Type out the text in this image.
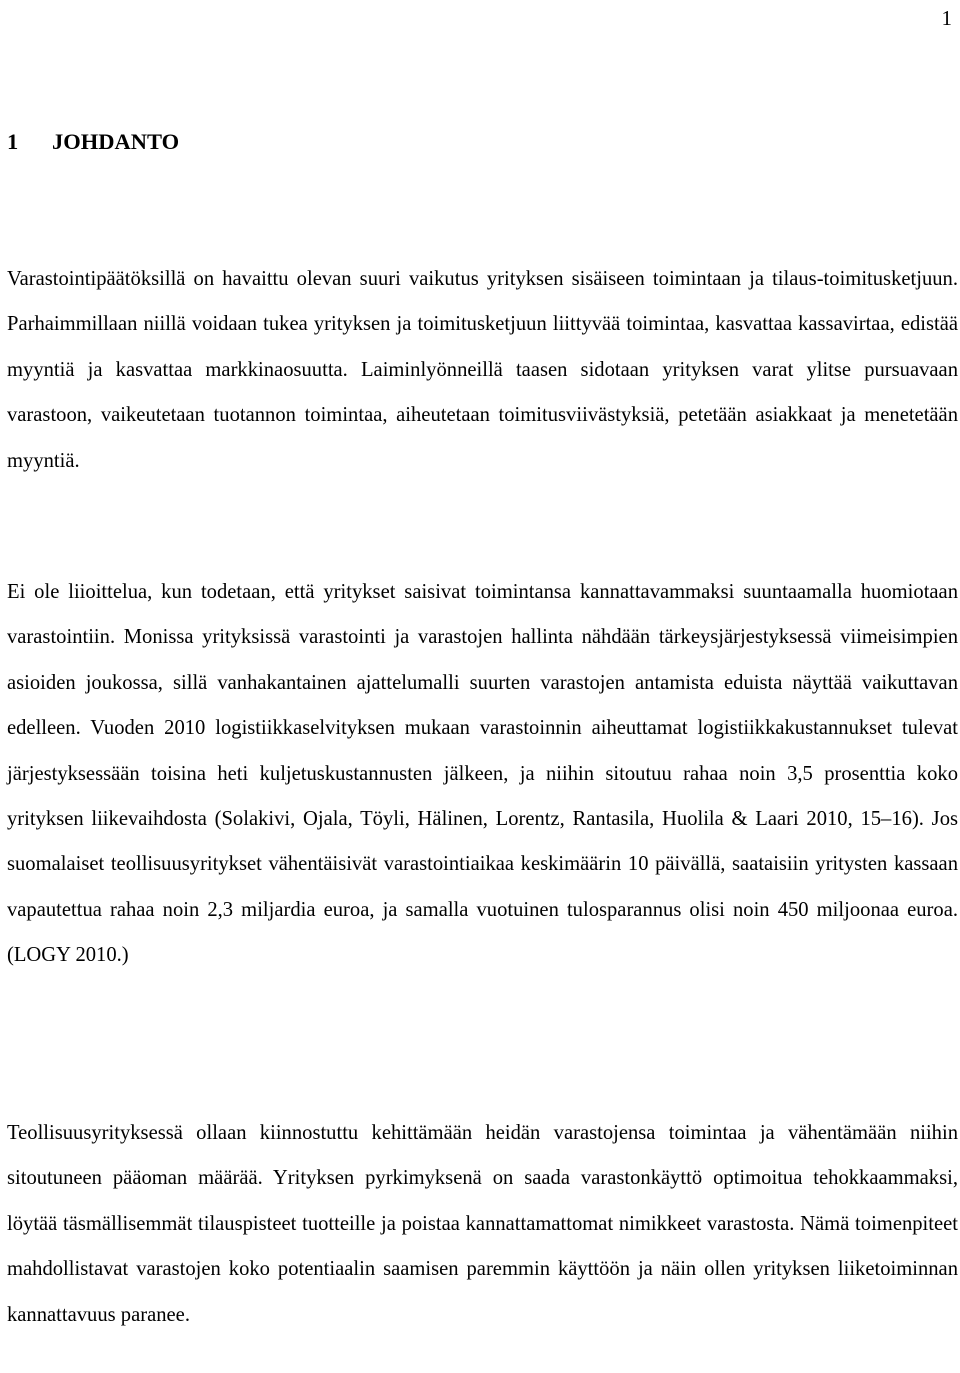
1
1 JOHDANTO

Varastointipäätöksillä on havaittu olevan suuri vaikutus yrityksen sisäiseen toimintaan ja tilaus-toimitusketjuun. Parhaimmillaan niillä voidaan tukea yrityksen ja toimitusketjuun liittyvää toimintaa, kasvattaa kassavirtaa, edistää myyntiä ja kasvattaa markkinaosuutta. Laiminlyönneillä taasen sidotaan yrityksen varat ylitse pursuavaan varastoon, vaikeutetaan tuotannon toimintaa, aiheutetaan toimitusviivästyksiä, petetään asiakkaat ja menetetään myyntiä.

Ei ole liioittelua, kun todetaan, että yritykset saisivat toimintansa kannattavammaksi suuntaamalla huomiotaan varastointiin. Monissa yrityksissä varastointi ja varastojen hallinta nähdään tärkeysjärjestyksessä viimeisimpien asioiden joukossa, sillä vanhakantainen ajattelumalli suurten varastojen antamista eduista näyttää vaikuttavan edelleen. Vuoden 2010 logistiikkaselvityksen mukaan varastoinnin aiheuttamat logistiikkakustannukset tulevat järjestyksessään toisina heti kuljetuskustannusten jälkeen, ja niihin sitoutuu rahaa noin 3,5 prosenttia koko yrityksen liikevaihdosta (Solakivi, Ojala, Töyli, Hälinen, Lorentz, Rantasila, Huolila & Laari 2010, 15–16). Jos suomalaiset teollisuusyritykset vähentäisivät varastointiaikaa keskimäärin 10 päivällä, saataisiin yritysten kassaan vapautettua rahaa noin 2,3 miljardia euroa, ja samalla vuotuinen tulosparannus olisi noin 450 miljoonaa euroa. (LOGY 2010.)

Teollisuusyrityksessä ollaan kiinnostuttu kehittämään heidän varastojensa toimintaa ja vähentämään niihin sitoutuneen pääoman määrää. Yrityksen pyrkimyksenä on saada varastonkäyttö optimoitua tehokkaammaksi, löytää täsmällisemmät tilauspisteet tuotteille ja poistaa kannattamattomat nimikkeet varastosta. Nämä toimenpiteet mahdollistavat varastojen koko potentiaalin saamisen paremmin käyttöön ja näin ollen yrityksen liiketoiminnan kannattavuus paranee.
